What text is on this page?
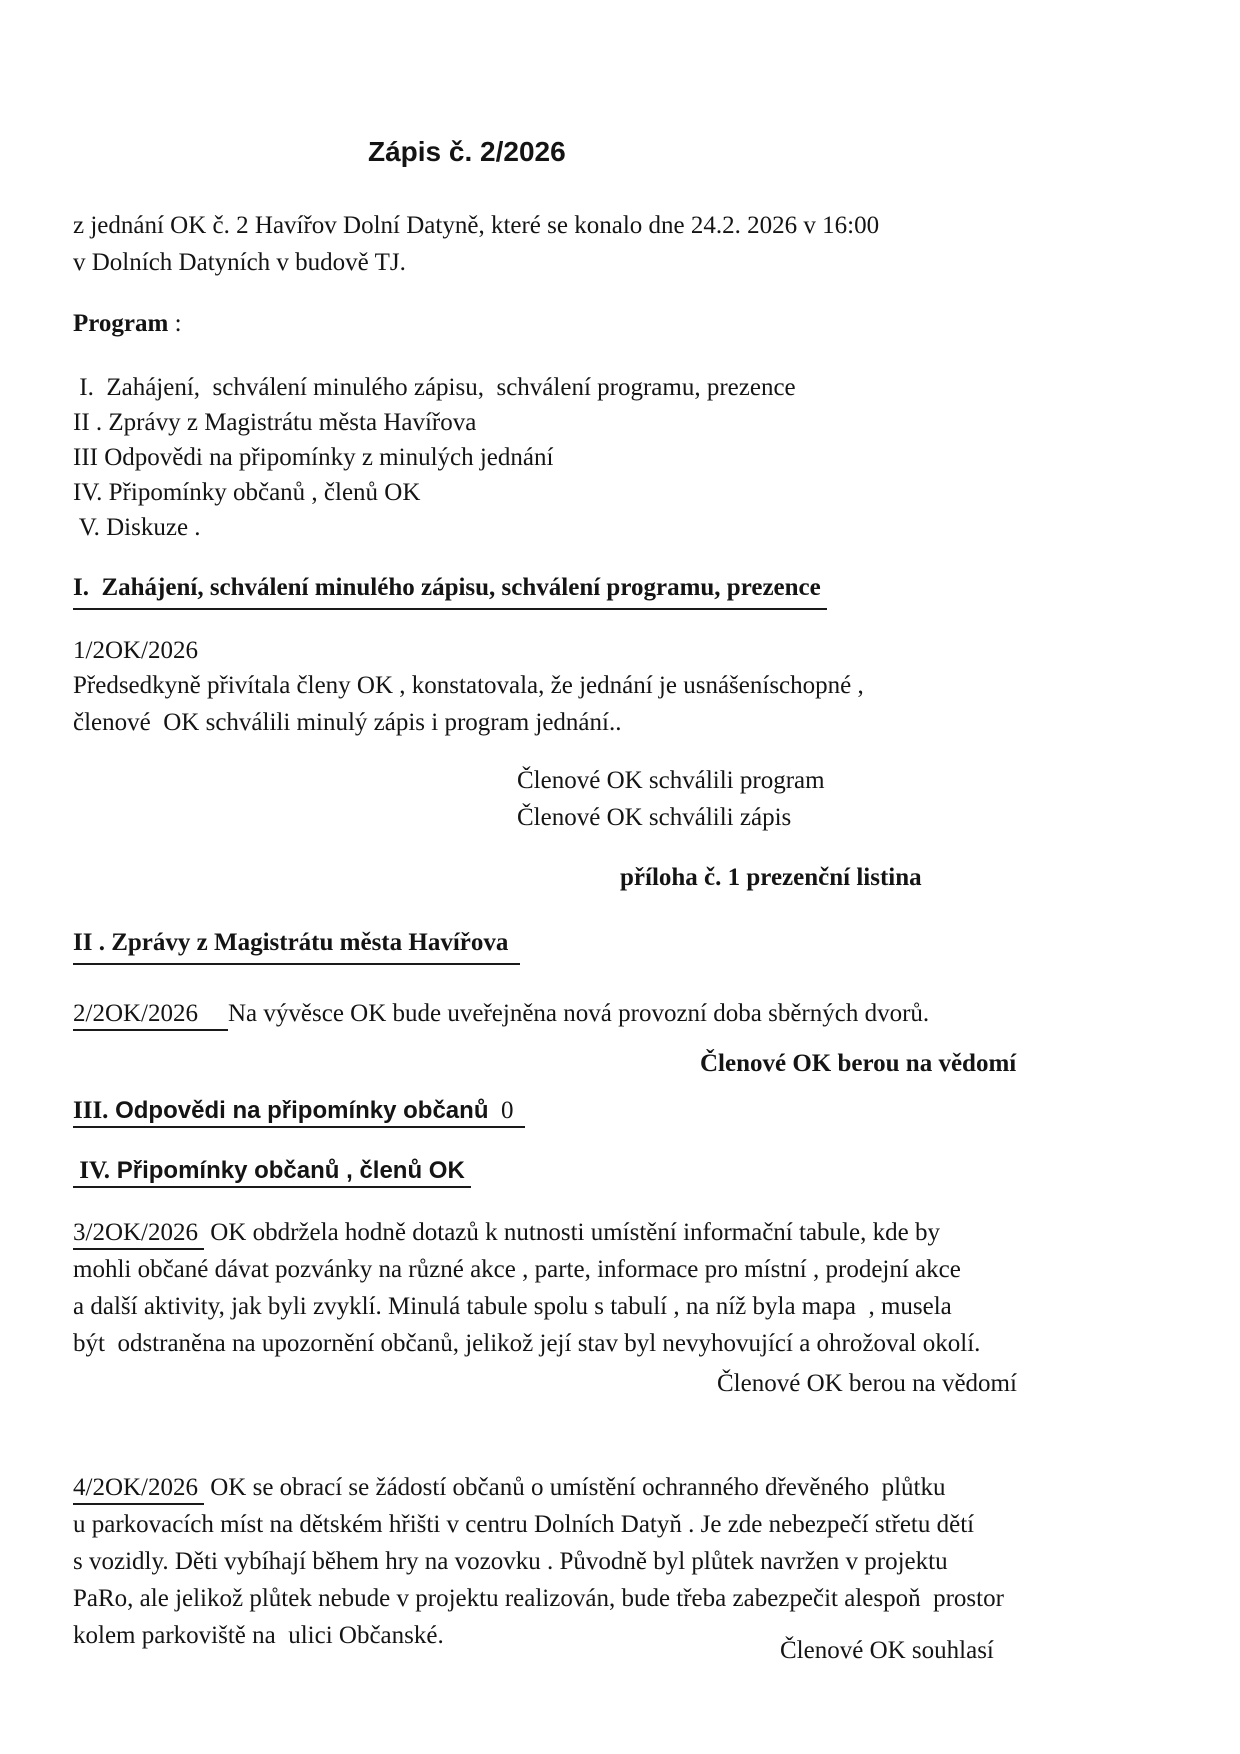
Zápis č. 2/2026
z jednání OK č. 2 Havířov Dolní Datyně, které se konalo dne 24.2. 2026 v 16:00
v Dolních Datyních v budově TJ.
Program :
I.  Zahájení,  schválení minulého zápisu,  schválení programu, prezence
II . Zprávy z Magistrátu města Havířova
III Odpovědi na připomínky z minulých jednání
IV. Připomínky občanů , členů OK
V. Diskuze .
I.  Zahájení, schválení minulého zápisu, schválení programu, prezence
1/2OK/2026
Předsedkyně přivítala členy OK , konstatovala, že jednání je usnášeníschopné ,
členové  OK schválili minulý zápis i program jednání..
Členové OK schválili program
Členové OK schválili zápis
příloha č. 1 prezenční listina
II . Zprávy z Magistrátu města Havířova
2/2OK/2026 Na vývěsce OK bude uveřejněna nová provozní doba sběrných dvorů.
Členové OK berou na vědomí
III. Odpovědi na připomínky občanů  0
IV. Připomínky občanů , členů OK
3/2OK/2026 OK obdržela hodně dotazů k nutnosti umístění informační tabule, kde by
mohli občané dávat pozvánky na různé akce , parte, informace pro místní , prodejní akce
a další aktivity, jak byli zvyklí. Minulá tabule spolu s tabulí , na níž byla mapa  , musela
být  odstraněna na upozornění občanů, jelikož její stav byl nevyhovující a ohrožoval okolí.
Členové OK berou na vědomí
4/2OK/2026 OK se obrací se žádostí občanů o umístění ochranného dřevěného  plůtku
u parkovacích míst na dětském hřišti v centru Dolních Datyň . Je zde nebezpečí střetu dětí
s vozidly. Děti vybíhají během hry na vozovku . Původně byl plůtek navržen v projektu
PaRo, ale jelikož plůtek nebude v projektu realizován, bude třeba zabezpečit alespoň  prostor
kolem parkoviště na  ulici Občanské.
Členové OK souhlasí
